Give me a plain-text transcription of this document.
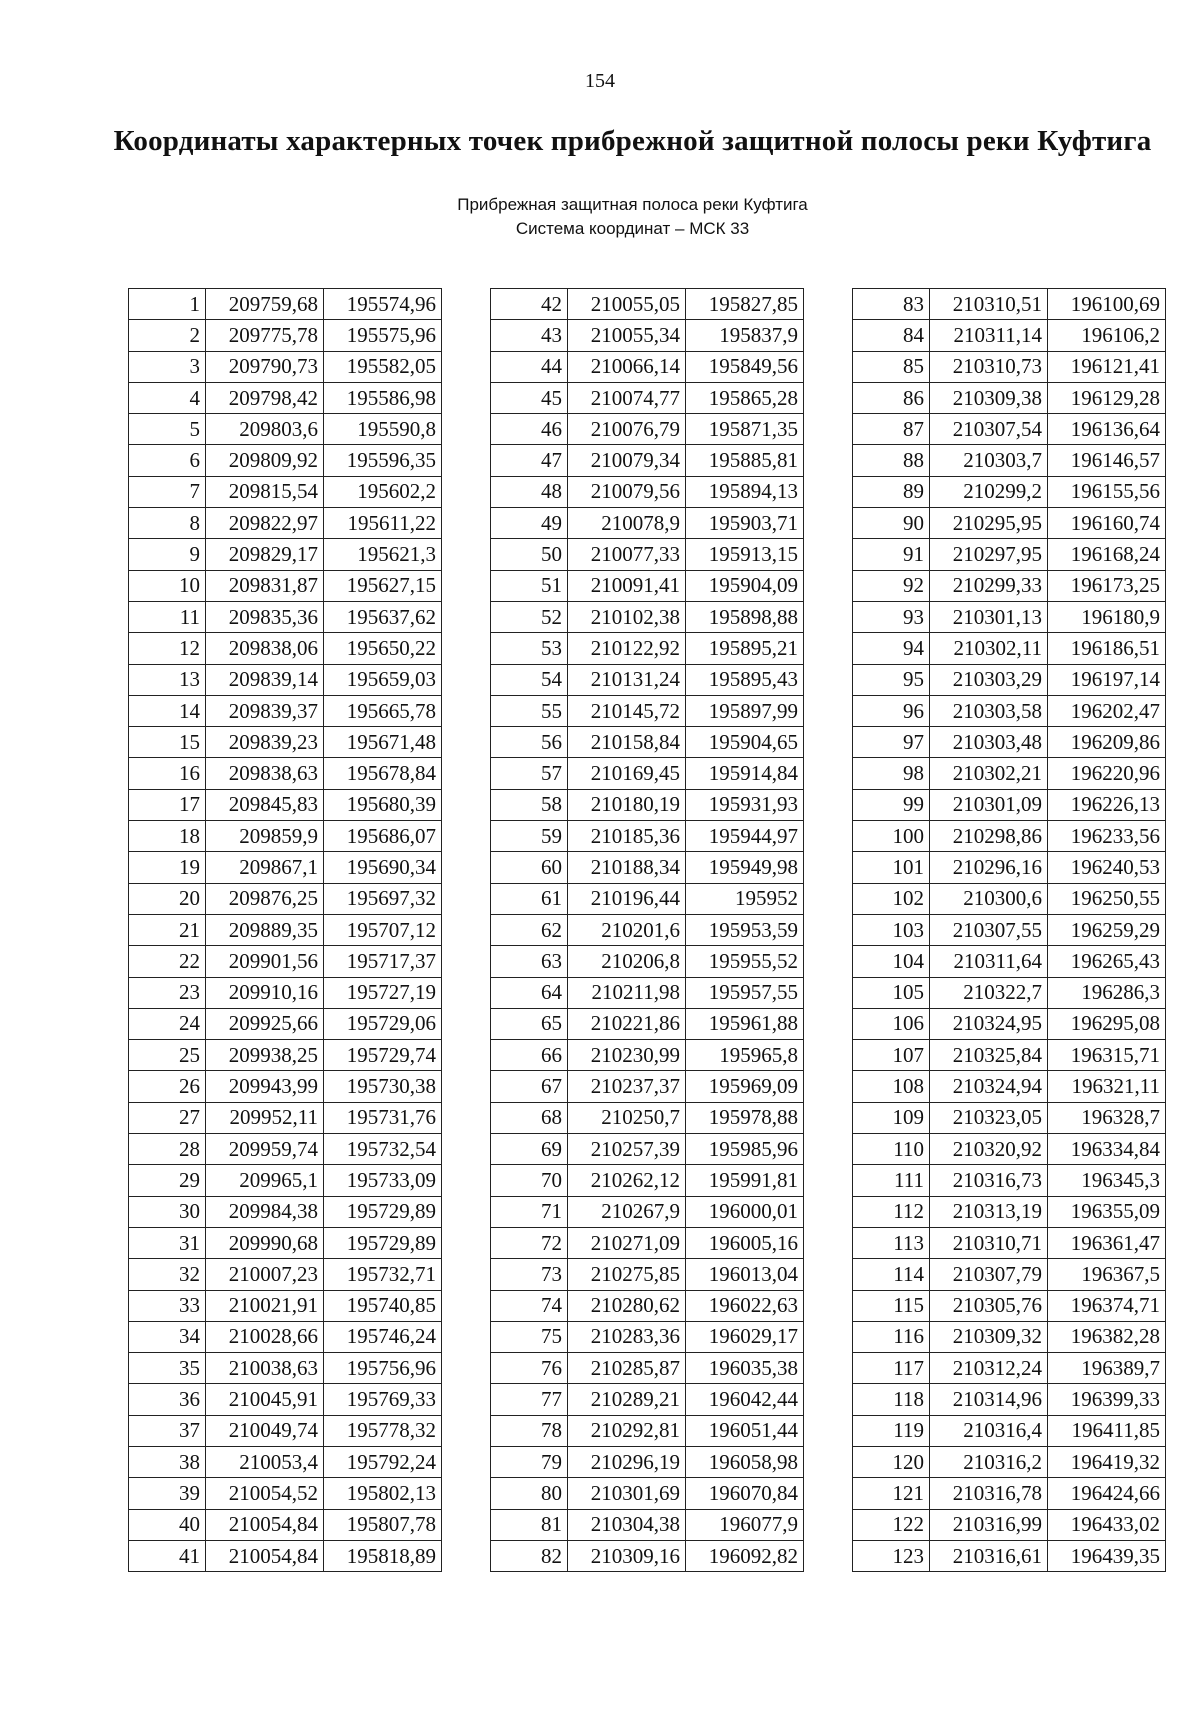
154
Координаты характерных точек прибрежной защитной полосы реки Куфтига
Прибрежная защитная полоса реки Куфтига
Система координат – МСК 33
1	209759,68	195574,96
2	209775,78	195575,96
3	209790,73	195582,05
4	209798,42	195586,98
5	209803,6	195590,8
6	209809,92	195596,35
7	209815,54	195602,2
8	209822,97	195611,22
9	209829,17	195621,3
10	209831,87	195627,15
11	209835,36	195637,62
12	209838,06	195650,22
13	209839,14	195659,03
14	209839,37	195665,78
15	209839,23	195671,48
16	209838,63	195678,84
17	209845,83	195680,39
18	209859,9	195686,07
19	209867,1	195690,34
20	209876,25	195697,32
21	209889,35	195707,12
22	209901,56	195717,37
23	209910,16	195727,19
24	209925,66	195729,06
25	209938,25	195729,74
26	209943,99	195730,38
27	209952,11	195731,76
28	209959,74	195732,54
29	209965,1	195733,09
30	209984,38	195729,89
31	209990,68	195729,89
32	210007,23	195732,71
33	210021,91	195740,85
34	210028,66	195746,24
35	210038,63	195756,96
36	210045,91	195769,33
37	210049,74	195778,32
38	210053,4	195792,24
39	210054,52	195802,13
40	210054,84	195807,78
41	210054,84	195818,89
42	210055,05	195827,85
43	210055,34	195837,9
44	210066,14	195849,56
45	210074,77	195865,28
46	210076,79	195871,35
47	210079,34	195885,81
48	210079,56	195894,13
49	210078,9	195903,71
50	210077,33	195913,15
51	210091,41	195904,09
52	210102,38	195898,88
53	210122,92	195895,21
54	210131,24	195895,43
55	210145,72	195897,99
56	210158,84	195904,65
57	210169,45	195914,84
58	210180,19	195931,93
59	210185,36	195944,97
60	210188,34	195949,98
61	210196,44	195952
62	210201,6	195953,59
63	210206,8	195955,52
64	210211,98	195957,55
65	210221,86	195961,88
66	210230,99	195965,8
67	210237,37	195969,09
68	210250,7	195978,88
69	210257,39	195985,96
70	210262,12	195991,81
71	210267,9	196000,01
72	210271,09	196005,16
73	210275,85	196013,04
74	210280,62	196022,63
75	210283,36	196029,17
76	210285,87	196035,38
77	210289,21	196042,44
78	210292,81	196051,44
79	210296,19	196058,98
80	210301,69	196070,84
81	210304,38	196077,9
82	210309,16	196092,82
83	210310,51	196100,69
84	210311,14	196106,2
85	210310,73	196121,41
86	210309,38	196129,28
87	210307,54	196136,64
88	210303,7	196146,57
89	210299,2	196155,56
90	210295,95	196160,74
91	210297,95	196168,24
92	210299,33	196173,25
93	210301,13	196180,9
94	210302,11	196186,51
95	210303,29	196197,14
96	210303,58	196202,47
97	210303,48	196209,86
98	210302,21	196220,96
99	210301,09	196226,13
100	210298,86	196233,56
101	210296,16	196240,53
102	210300,6	196250,55
103	210307,55	196259,29
104	210311,64	196265,43
105	210322,7	196286,3
106	210324,95	196295,08
107	210325,84	196315,71
108	210324,94	196321,11
109	210323,05	196328,7
110	210320,92	196334,84
111	210316,73	196345,3
112	210313,19	196355,09
113	210310,71	196361,47
114	210307,79	196367,5
115	210305,76	196374,71
116	210309,32	196382,28
117	210312,24	196389,7
118	210314,96	196399,33
119	210316,4	196411,85
120	210316,2	196419,32
121	210316,78	196424,66
122	210316,99	196433,02
123	210316,61	196439,35
